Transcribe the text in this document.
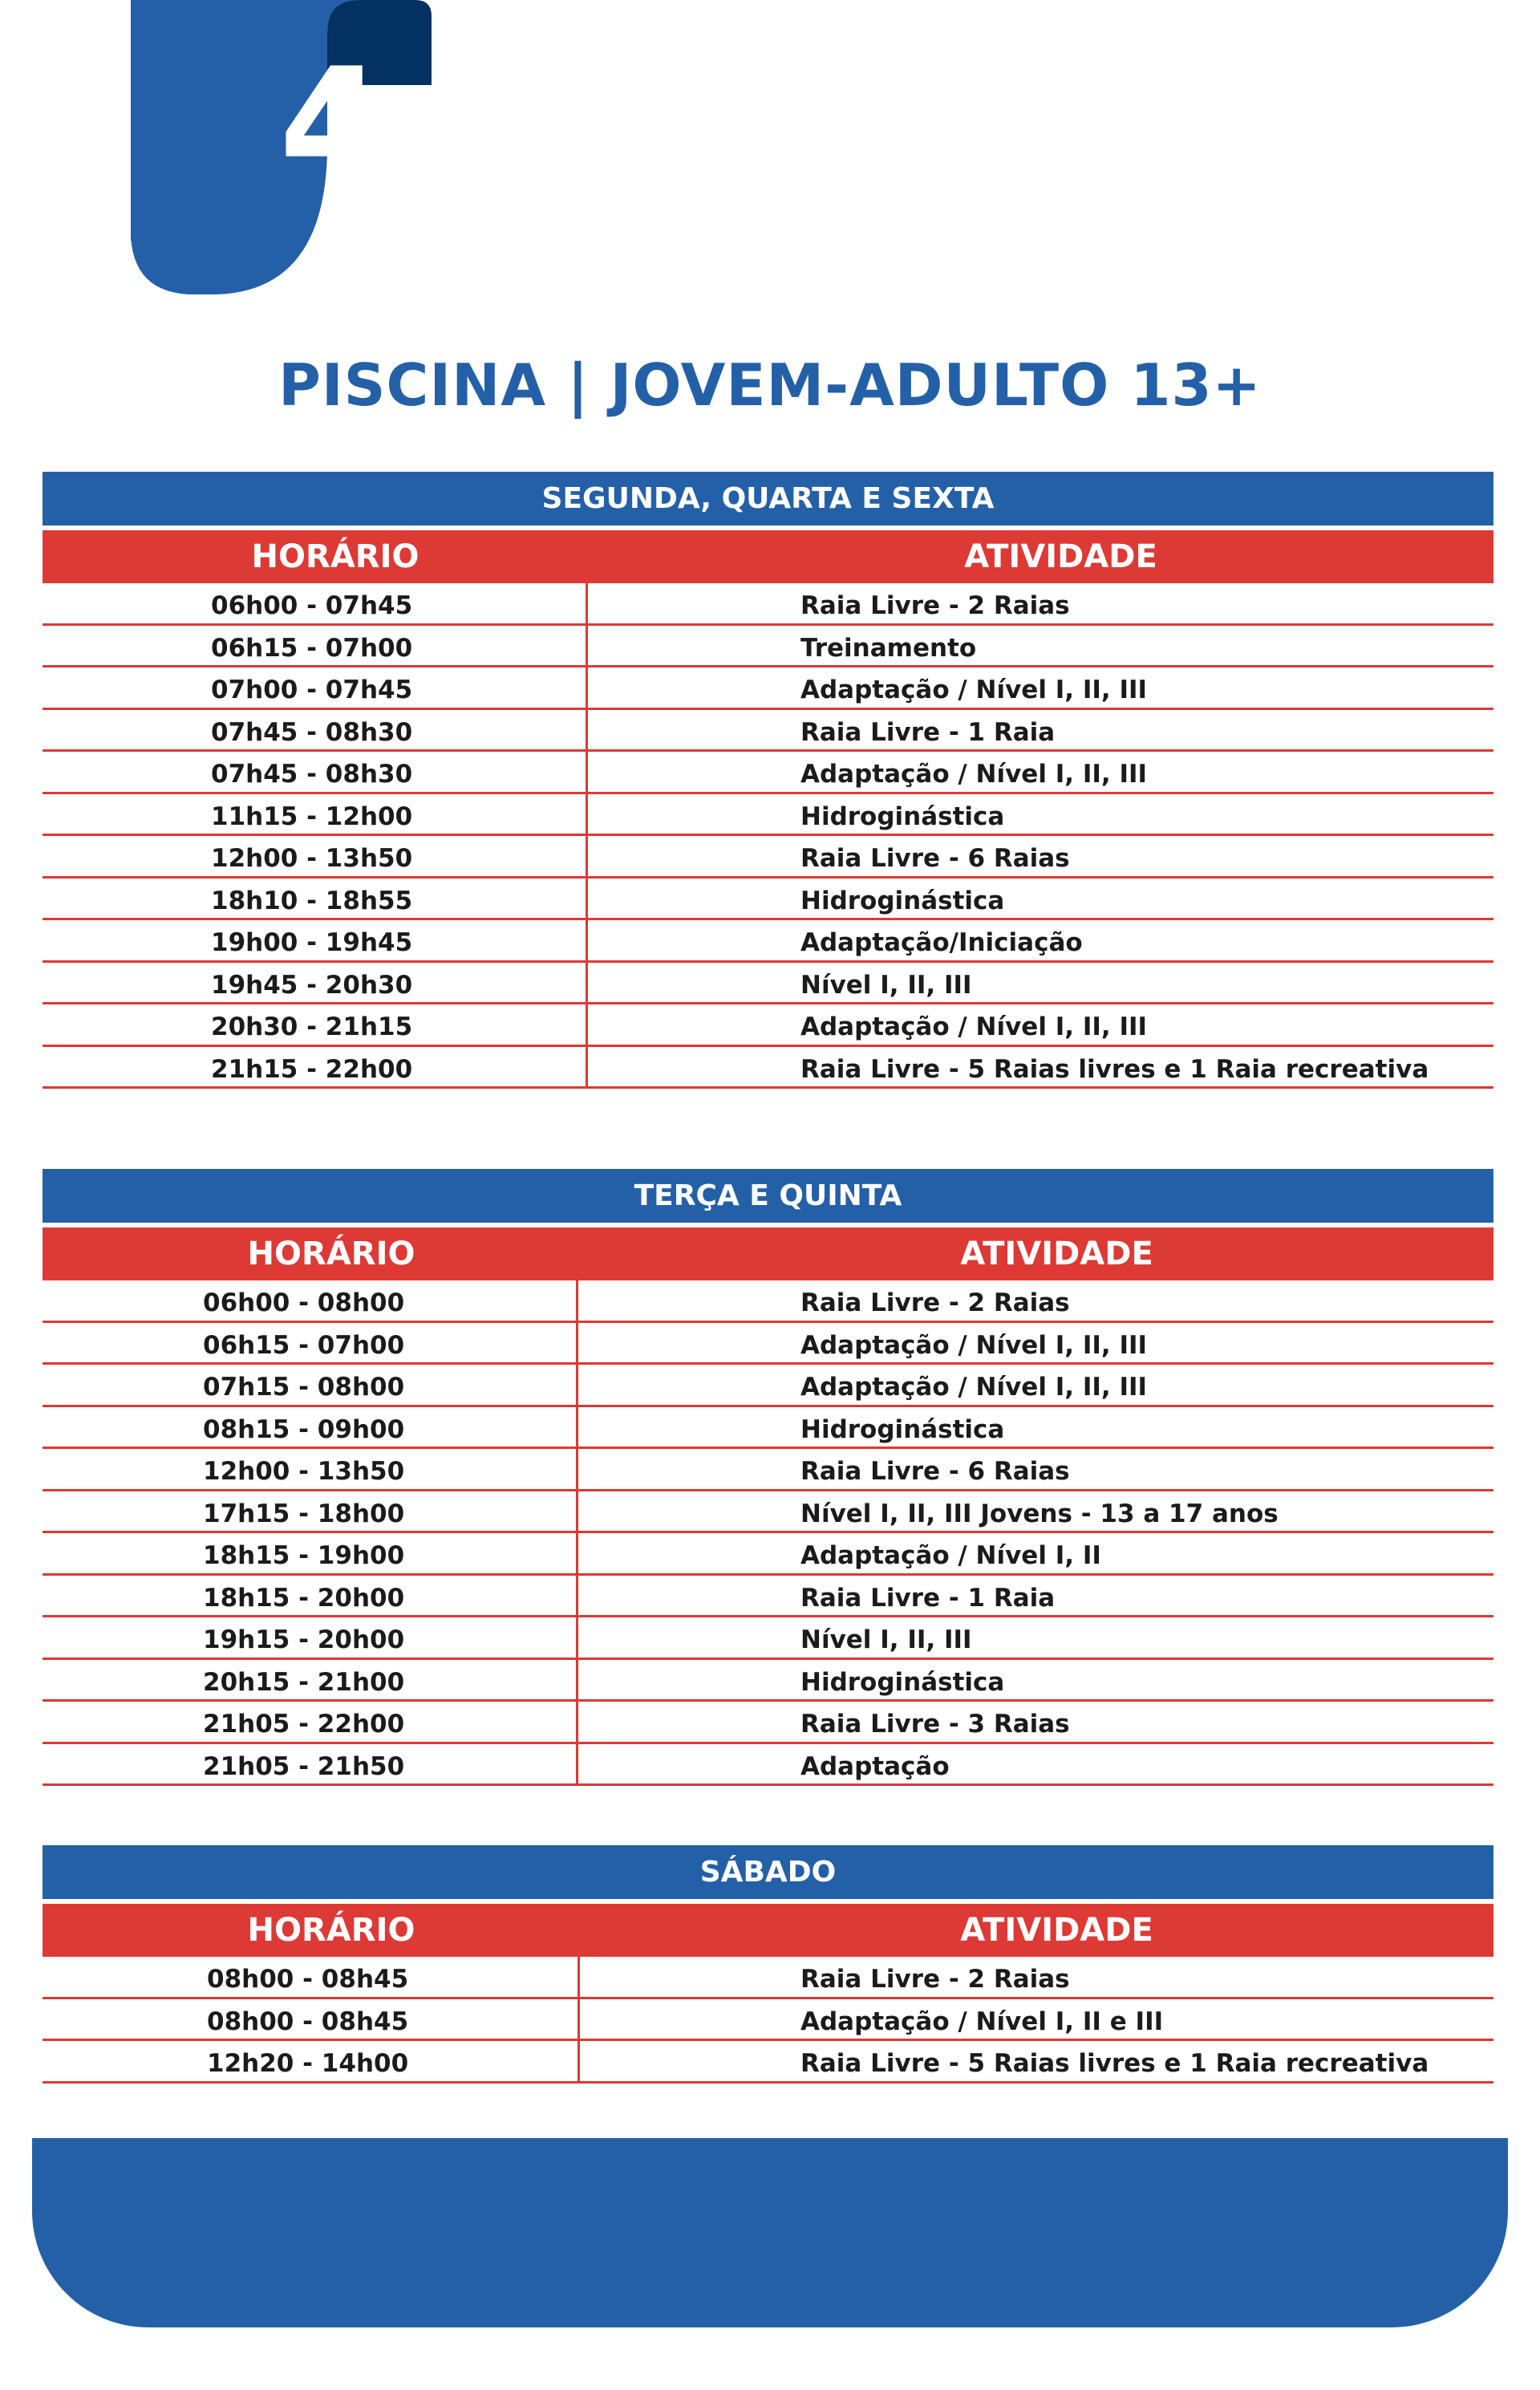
4.
PISCINA | JOVEM-ADULTO 13+
SEGUNDA, QUARTA E SEXTA
HORÁRIO	ATIVIDADE
06h00 - 07h45	Raia Livre - 2 Raias
06h15 - 07h00	Treinamento
07h00 - 07h45	Adaptação / Nível I, II, III
07h45 - 08h30	Raia Livre - 1 Raia
07h45 - 08h30	Adaptação / Nível I, II, III
11h15 - 12h00	Hidroginástica
12h00 - 13h50	Raia Livre - 6 Raias
18h10 - 18h55	Hidroginástica
19h00 - 19h45	Adaptação/Iniciação
19h45 - 20h30	Nível I, II, III
20h30 - 21h15	Adaptação / Nível I, II, III
21h15 - 22h00	Raia Livre - 5 Raias livres e 1 Raia recreativa
TERÇA E QUINTA
HORÁRIO	ATIVIDADE
06h00 - 08h00	Raia Livre - 2 Raias
06h15 - 07h00	Adaptação / Nível I, II, III
07h15 - 08h00	Adaptação / Nível I, II, III
08h15 - 09h00	Hidroginástica
12h00 - 13h50	Raia Livre - 6 Raias
17h15 - 18h00	Nível I, II, III Jovens - 13 a 17 anos
18h15 - 19h00	Adaptação / Nível I, II
18h15 - 20h00	Raia Livre - 1 Raia
19h15 - 20h00	Nível I, II, III
20h15 - 21h00	Hidroginástica
21h05 - 22h00	Raia Livre - 3 Raias
21h05 - 21h50	Adaptação
SÁBADO
HORÁRIO	ATIVIDADE
08h00 - 08h45	Raia Livre - 2 Raias
08h00 - 08h45	Adaptação / Nível I, II e III
12h20 - 14h00	Raia Livre - 5 Raias livres e 1 Raia recreativa
